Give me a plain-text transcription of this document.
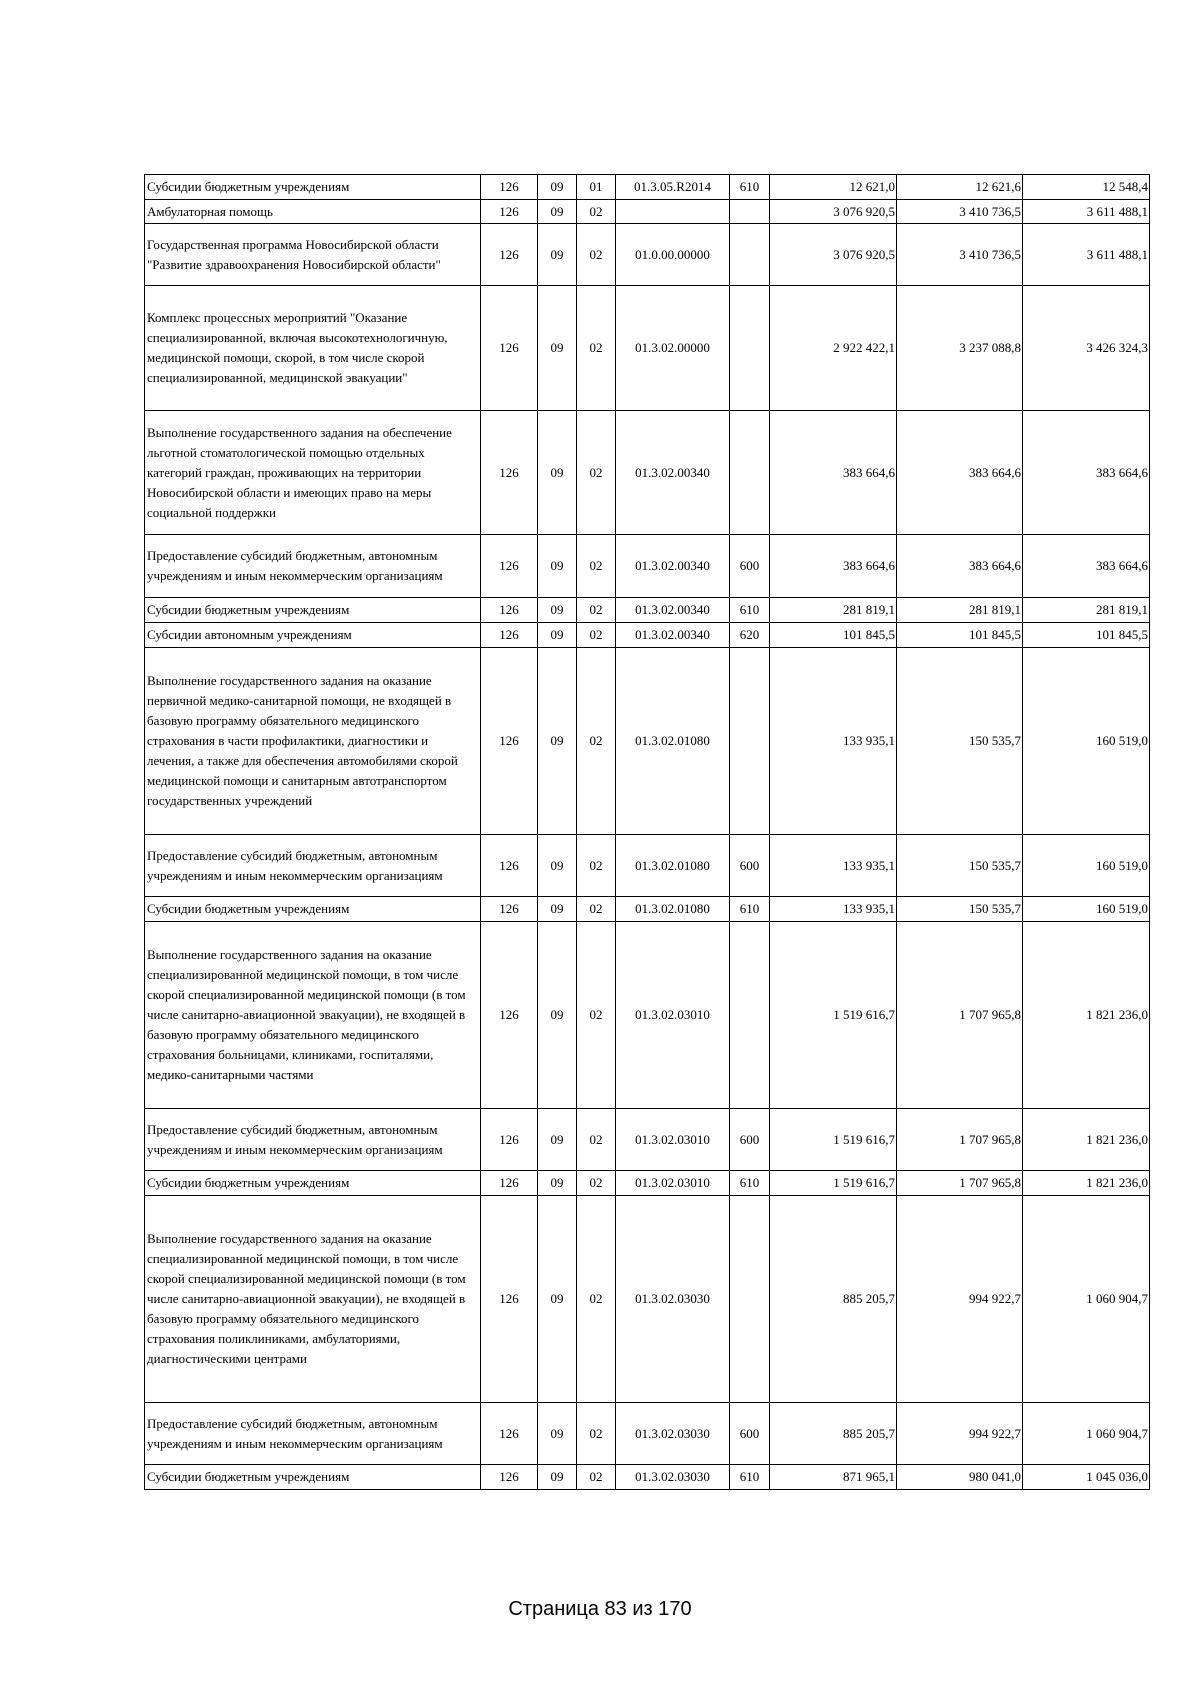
Субсидии бюджетным учреждениям	126	09	01	01.3.05.R2014	610	12 621,0	12 621,6	12 548,4
Амбулаторная помощь	126	09	02			3 076 920,5	3 410 736,5	3 611 488,1
Государственная программа Новосибирской области "Развитие здравоохранения Новосибирской области"	126	09	02	01.0.00.00000		3 076 920,5	3 410 736,5	3 611 488,1
Комплекс процессных мероприятий "Оказание специализированной, включая высокотехнологичную, медицинской помощи, скорой, в том числе скорой специализированной, медицинской эвакуации"	126	09	02	01.3.02.00000		2 922 422,1	3 237 088,8	3 426 324,3
Выполнение государственного задания на обеспечение льготной стоматологической помощью отдельных категорий граждан, проживающих на территории Новосибирской области и имеющих право на меры социальной поддержки	126	09	02	01.3.02.00340		383 664,6	383 664,6	383 664,6
Предоставление субсидий бюджетным, автономным учреждениям и иным некоммерческим организациям	126	09	02	01.3.02.00340	600	383 664,6	383 664,6	383 664,6
Субсидии бюджетным учреждениям	126	09	02	01.3.02.00340	610	281 819,1	281 819,1	281 819,1
Субсидии автономным учреждениям	126	09	02	01.3.02.00340	620	101 845,5	101 845,5	101 845,5
Выполнение государственного задания на оказание первичной медико-санитарной помощи, не входящей в базовую программу обязательного медицинского страхования в части профилактики, диагностики и лечения, а также для обеспечения автомобилями скорой медицинской помощи и санитарным автотранспортом государственных учреждений	126	09	02	01.3.02.01080		133 935,1	150 535,7	160 519,0
Предоставление субсидий бюджетным, автономным учреждениям и иным некоммерческим организациям	126	09	02	01.3.02.01080	600	133 935,1	150 535,7	160 519,0
Субсидии бюджетным учреждениям	126	09	02	01.3.02.01080	610	133 935,1	150 535,7	160 519,0
Выполнение государственного задания на оказание специализированной медицинской помощи, в том числе скорой специализированной медицинской помощи (в том числе санитарно-авиационной эвакуации), не входящей в базовую программу обязательного медицинского страхования больницами, клиниками, госпиталями, медико-санитарными частями	126	09	02	01.3.02.03010		1 519 616,7	1 707 965,8	1 821 236,0
Предоставление субсидий бюджетным, автономным учреждениям и иным некоммерческим организациям	126	09	02	01.3.02.03010	600	1 519 616,7	1 707 965,8	1 821 236,0
Субсидии бюджетным учреждениям	126	09	02	01.3.02.03010	610	1 519 616,7	1 707 965,8	1 821 236,0
Выполнение государственного задания на оказание специализированной медицинской помощи, в том числе скорой специализированной медицинской помощи (в том числе санитарно-авиационной эвакуации), не входящей в базовую программу обязательного медицинского страхования поликлиниками, амбулаториями, диагностическими центрами	126	09	02	01.3.02.03030		885 205,7	994 922,7	1 060 904,7
Предоставление субсидий бюджетным, автономным учреждениям и иным некоммерческим организациям	126	09	02	01.3.02.03030	600	885 205,7	994 922,7	1 060 904,7
Субсидии бюджетным учреждениям	126	09	02	01.3.02.03030	610	871 965,1	980 041,0	1 045 036,0
Страница 83 из 170
